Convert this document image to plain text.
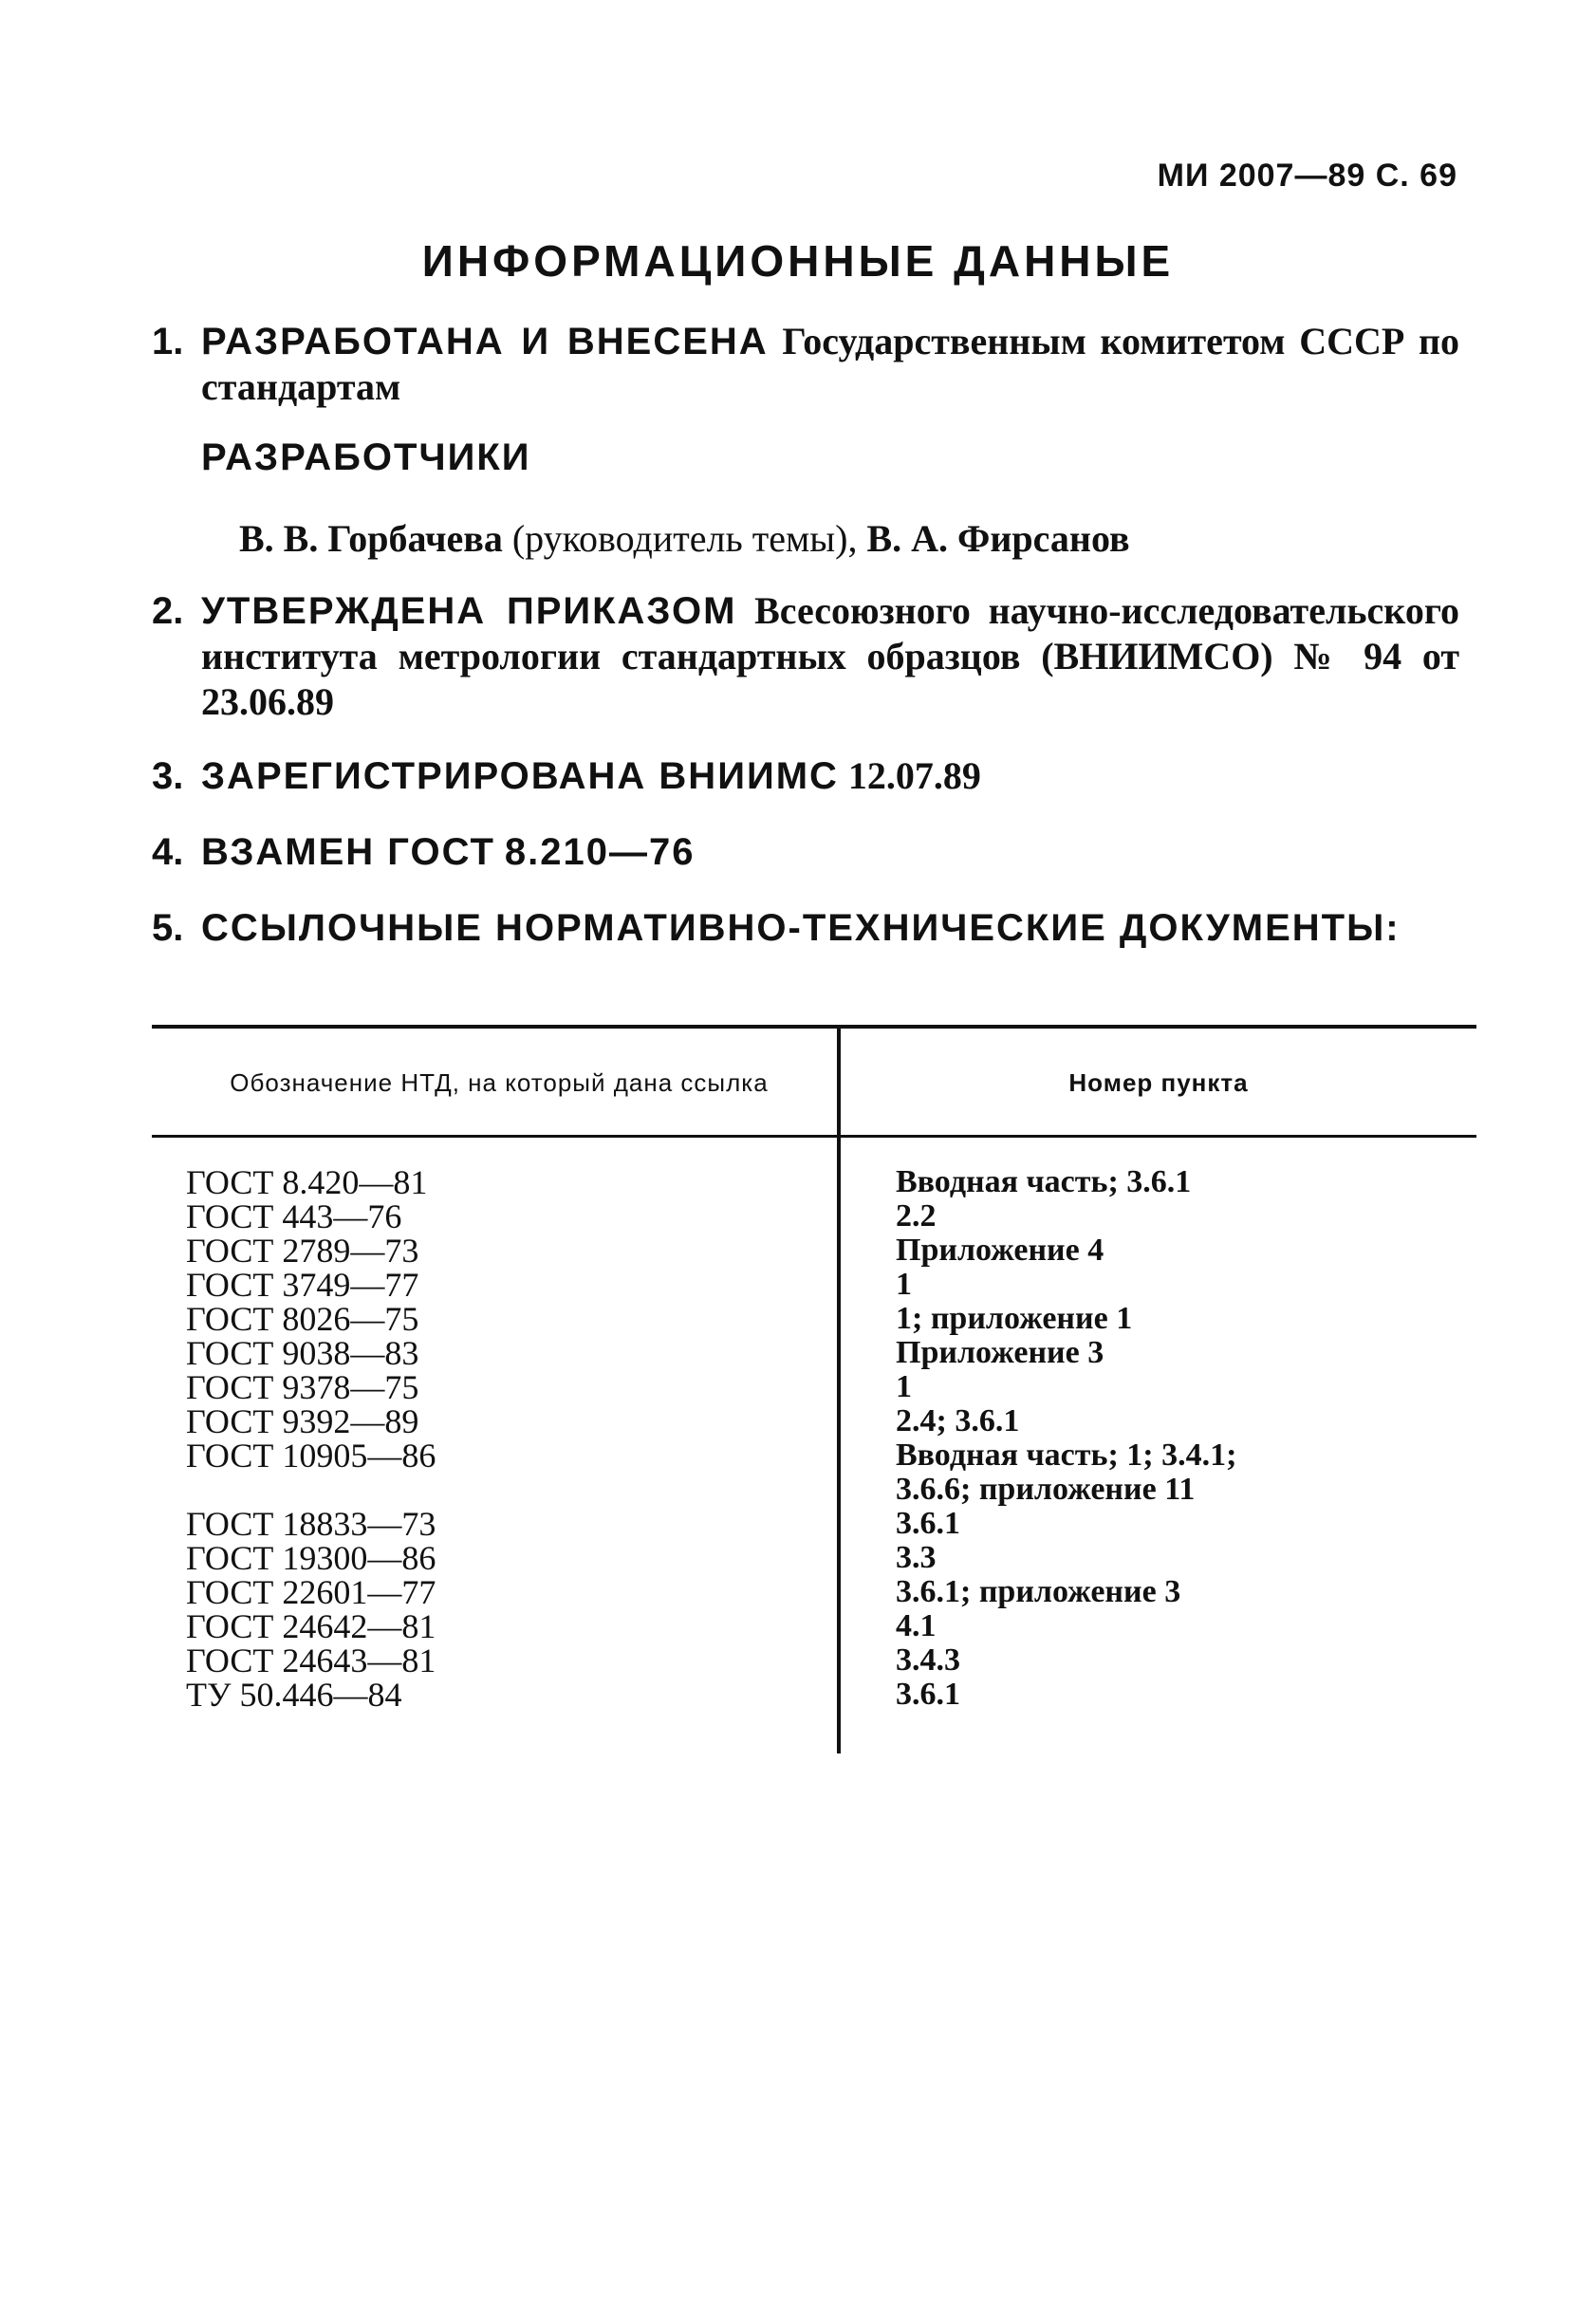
МИ 2007—89 С. 69
ИНФОРМАЦИОННЫЕ ДАННЫЕ
1. РАЗРАБОТАНА И ВНЕСЕНА Государственным комитетом СССР по стандартам
РАЗРАБОТЧИКИ
В. В. Горбачева (руководитель темы), В. А. Фирсанов
2. УТВЕРЖДЕНА ПРИКАЗОМ Всесоюзного научно-исследовательского института метрологии стандартных образцов (ВНИИМСО) № 94 от 23.06.89
3. ЗАРЕГИСТРИРОВАНА ВНИИМС 12.07.89
4. ВЗАМЕН ГОСТ 8.210—76
5. ССЫЛОЧНЫЕ НОРМАТИВНО-ТЕХНИЧЕСКИЕ ДОКУМЕНТЫ:
Обозначение НТД, на который дана ссылка	Номер пункта
ГОСТ 8.420—81
ГОСТ 443—76
ГОСТ 2789—73
ГОСТ 3749—77
ГОСТ 8026—75
ГОСТ 9038—83
ГОСТ 9378—75
ГОСТ 9392—89
ГОСТ 10905—86
ГОСТ 18833—73
ГОСТ 19300—86
ГОСТ 22601—77
ГОСТ 24642—81
ГОСТ 24643—81
ТУ 50.446—84
Вводная часть; 3.6.1
2.2
Приложение 4
1
1; приложение 1
Приложение 3
1
2.4; 3.6.1
Вводная часть; 1; 3.4.1;
3.6.6; приложение 11
3.6.1
3.3
3.6.1; приложение 3
4.1
3.4.3
3.6.1
